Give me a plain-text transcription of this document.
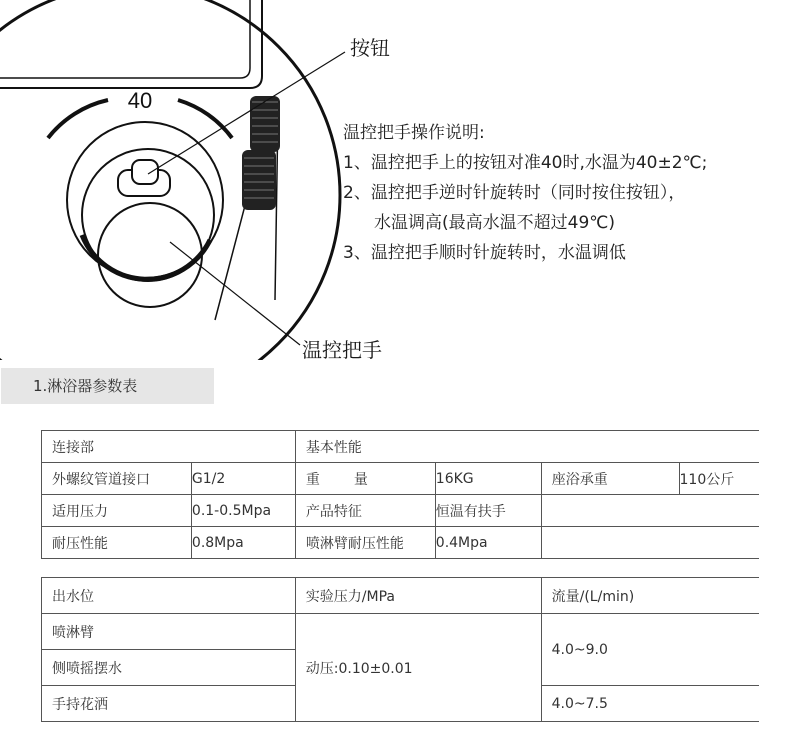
40
按钮
温控把手
温控把手操作说明:
1、温控把手上的按钮对准40时,水温为40±2℃;
2、温控把手逆时针旋转时（同时按住按钮），
水温调高(最高水温不超过49℃)
3、温控把手顺时针旋转时，水温调低
1.淋浴器参数表
连接部		基本性能			
外螺纹管道接口	G1/2	重 量	16KG	座浴承重	110公斤
适用压力	0.1-0.5Mpa	产品特征	恒温有扶手		
耐压性能	0.8Mpa	喷淋臂耐压性能	0.4Mpa		
出水位	实验压力/MPa	流量/(L/min)
喷淋臂	动压:0.10±0.01	4.0~9.0
侧喷摇摆水		
手持花洒		4.0~7.5
